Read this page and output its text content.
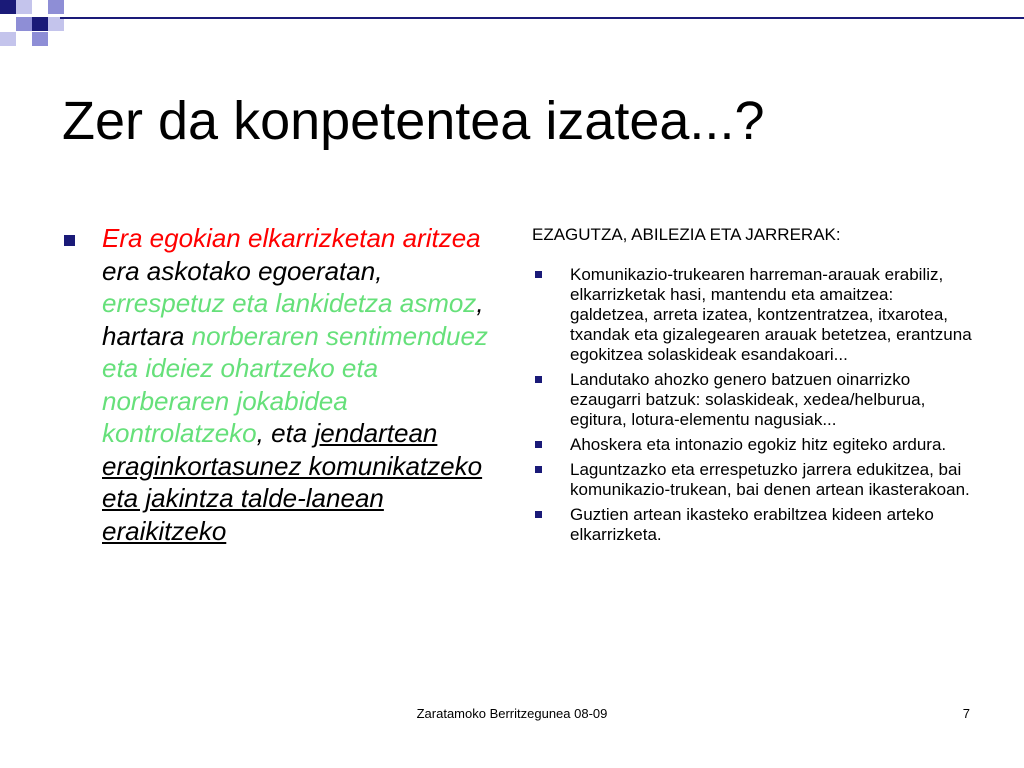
Zer da konpetentea izatea...?
Era egokian elkarrizketan aritzea era askotako egoeratan, errespetuz eta lankidetza asmoz, hartara norberaren sentimenduez eta ideiez ohartzeko eta norberaren jokabidea kontrolatzeko, eta jendartean eraginkortasunez komunikatzeko eta jakintza talde-lanean eraikitzeko

EZAGUTZA, ABILEZIA ETA JARRERAK:

Komunikazio-trukearen harreman-arauak erabiliz, elkarrizketak hasi, mantendu eta amaitzea: galdetzea, arreta izatea, kontzentratzea, itxarotea, txandak eta gizalegearen arauak betetzea, erantzuna egokitzea solaskideak esandakoari...
Landutako ahozko genero batzuen oinarrizko ezaugarri batzuk: solaskideak, xedea/helburua, egitura, lotura-elementu nagusiak...
Ahoskera eta intonazio egokiz hitz egiteko ardura.
Laguntzazko eta errespetuzko jarrera edukitzea, bai komunikazio-trukean, bai denen artean ikasterakoan.
Guztien artean ikasteko erabiltzea kideen arteko elkarrizketa.
Zaratamoko Berritzegunea 08-09	7
